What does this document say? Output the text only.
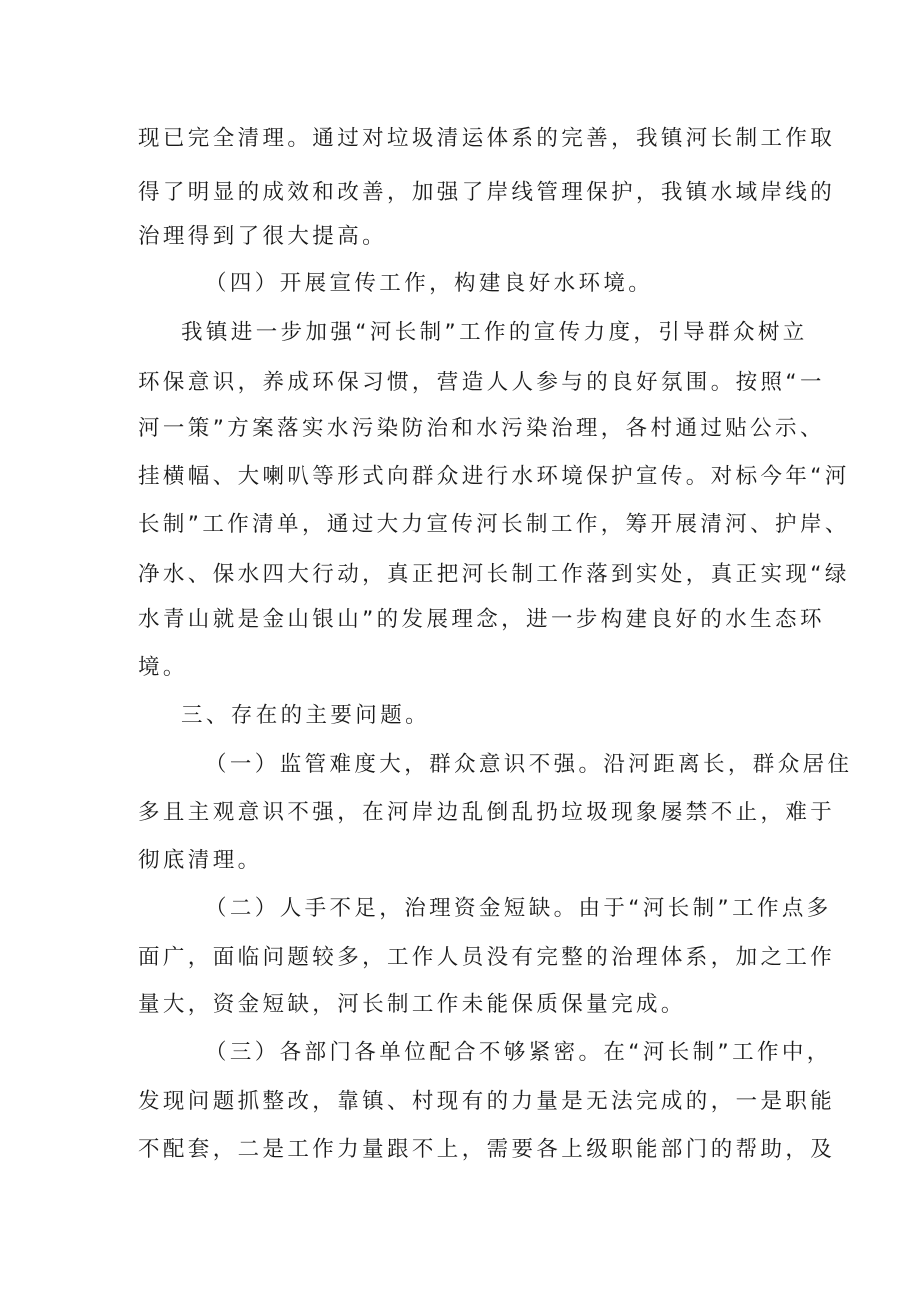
现已完全清理。通过对垃圾清运体系的完善，我镇河长制工作取
得了明显的成效和改善，加强了岸线管理保护，我镇水域岸线的
治理得到了很大提高。
（四）开展宣传工作，构建良好水环境。
我镇进一步加强“河长制”工作的宣传力度，引导群众树立
环保意识，养成环保习惯，营造人人参与的良好氛围。按照“一
河一策”方案落实水污染防治和水污染治理，各村通过贴公示、
挂横幅、大喇叭等形式向群众进行水环境保护宣传。对标今年“河
长制”工作清单，通过大力宣传河长制工作，筹开展清河、护岸、
净水、保水四大行动，真正把河长制工作落到实处，真正实现“绿
水青山就是金山银山”的发展理念，进一步构建良好的水生态环
境。
三、存在的主要问题。
（一）监管难度大，群众意识不强。沿河距离长，群众居住
多且主观意识不强，在河岸边乱倒乱扔垃圾现象屡禁不止，难于
彻底清理。
（二）人手不足，治理资金短缺。由于“河长制”工作点多
面广，面临问题较多，工作人员没有完整的治理体系，加之工作
量大，资金短缺，河长制工作未能保质保量完成。
（三）各部门各单位配合不够紧密。在“河长制”工作中，
发现问题抓整改，靠镇、村现有的力量是无法完成的，一是职能
不配套，二是工作力量跟不上，需要各上级职能部门的帮助，及
